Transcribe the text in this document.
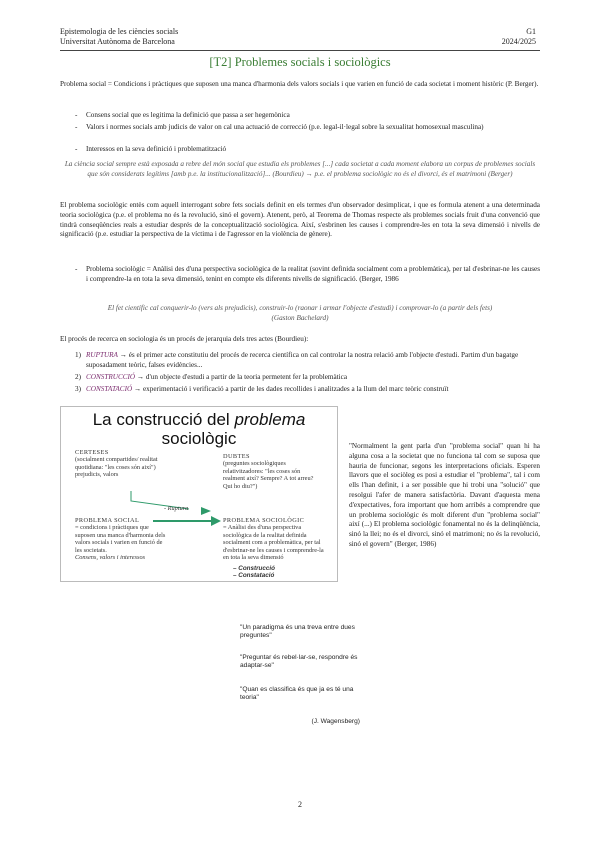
Epistemologia de les ciències socials
Universitat Autònoma de Barcelona
G1
2024/2025
[T2] Problemes socials i sociològics
Problema social = Condicions i pràctiques que suposen una manca d'harmonia dels valors socials i que varien en funció de cada societat i moment històric (P. Berger).
- Consens social que es legitima la definició que passa a ser hegemònica
- Valors i normes socials amb judicis de valor on cal una actuació de correcció (p.e. legal-il·legal sobre la sexualitat homosexual masculina)
- Interessos en la seva definició i problematització
La ciència social sempre està exposada a rebre del món social que estudia els problemes [...] cada societat a cada moment elabora un corpus de problemes socials que són considerats legítims [amb p.e. la institucionalització]... (Bourdieu) → p.e. el problema sociològic no és el divorci, és el matrimoni (Berger)
El problema sociològic entès com aquell interrogant sobre fets socials definit en els termes d'un observador desimplicat, i que es formula atenent a una determinada teoria sociològica (p.e. el problema no és la revolució, sinó el govern). Atenent, però, al Teorema de Thomas respecte als problemes socials fruit d'una convenció que tindrà conseqüències reals a estudiar després de la conceptualització sociològica. Així, s'esbrinen les causes i comprendre-les en tota la seva dimensió i nivells de significació (p.e. estudiar la perspectiva de la víctima i de l'agressor en la violència de gènere).
- Problema sociològic = Anàlisi des d'una perspectiva sociològica de la realitat (sovint definida socialment com a problemàtica), per tal d'esbrinar-ne les causes i comprendre-la en tota la seva dimensió, tenint en compte els diferents nivells de significació. (Berger, 1986
El fet científic cal conquerir-lo (vers als prejudicis), construir-lo (raonar i armar l'objecte d'estudi) i comprovar-lo (a partir dels fets)
(Gaston Bachelard)
El procés de recerca en sociologia és un procés de jerarquia dels tres actes (Bourdieu):
1) RUPTURA → és el primer acte constitutiu del procés de recerca científica on cal controlar la nostra relació amb l'objecte d'estudi. Partim d'un bagatge suposadament teòric, falses evidències...
2) CONSTRUCCIÓ → d'un objecte d'estudi a partir de la teoria permetent fer la problemàtica
3) CONSTATACIÓ → experimentació i verificació a partir de les dades recollides i analitzades a la llum del marc teòric construït
La construcció del problema
sociològic
CERTESES
(socialment compartides/ realitat quotidiana: "les coses són així") prejudicis, valors
DUBTES
(preguntes sociològiques relativitzadores: "les coses són realment així? Sempre? A tot arreu? Qui ho diu?")
- Ruptura
PROBLEMA SOCIAL
= condicions i pràctiques que suposen una manca d'harmonia dels valors socials i varien en funció de les societats.
Consens, valors i interessos
PROBLEMA SOCIOLÒGIC
= Anàlisi des d'una perspectiva sociològica de la realitat definida socialment com a problemàtica, per tal d'esbrinar-ne les causes i comprendre-la en tota la seva dimensió
– Construcció
– Constatació
"Normalment la gent parla d'un "problema social" quan hi ha alguna cosa a la societat que no funciona tal com se suposa que hauria de funcionar, segons les interpretacions oficials. Esperen llavors que el sociòleg es posi a estudiar el "problema", tal i com ells l'han definit, i a ser possible que hi trobi una "solució" que resolgui l'afer de manera satisfactòria. Davant d'aquesta mena d'expectatives, fora important que hom arribés a comprendre que un problema sociològic és molt diferent d'un "problema social" així (...) El problema sociològic fonamental no és la delinqüència, sinó la llei; no és el divorci, sinó el matrimoni; no és la revolució, sinó el govern" (Berger, 1986)
"Un paradigma és una treva entre dues preguntes"
"Preguntar és rebel·lar-se, respondre és adaptar-se"
"Quan es classifica és que ja es té una teoria"
(J. Wagensberg)
2
